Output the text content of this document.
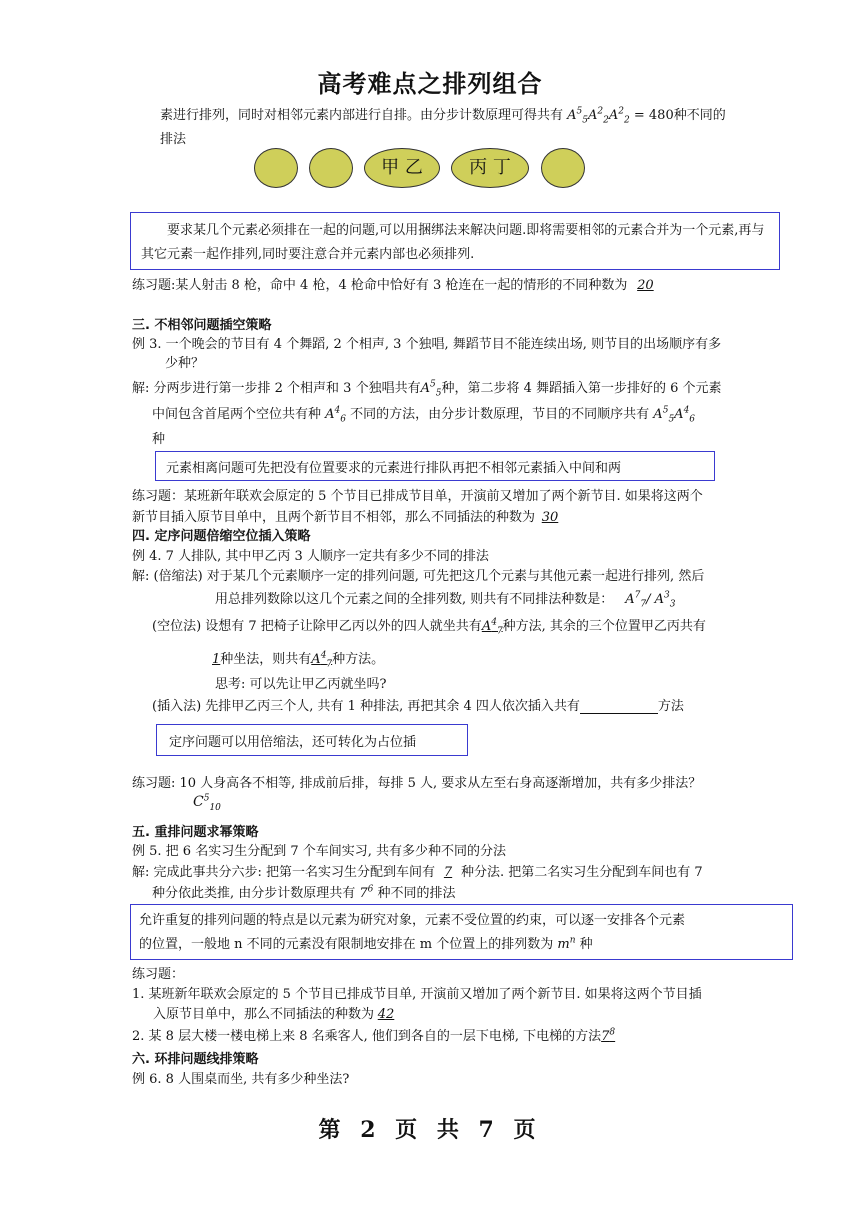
高考难点之排列组合
素进行排列，同时对相邻元素内部进行自排。由分步计数原理可得共有 $A^5_5A^2_2A^2_2 = 480$种不同的
排法
甲 乙	丙 丁
要求某几个元素必须排在一起的问题,可以用捆绑法来解决问题.即将需要相邻的元素合并为一个元素,再与其它元素一起作排列,同时要注意合并元素内部也必须排列.
练习题:某人射击 8 枪，命中 4 枪，4 枪命中恰好有 3 枪连在一起的情形的不同种数为 20
三. 不相邻问题插空策略
例 3. 一个晚会的节目有 4 个舞蹈, 2 个相声, 3 个独唱, 舞蹈节目不能连续出场, 则节目的出场顺序有多
少种？
解: 分两步进行第一步排 2 个相声和 3 个独唱共有$A^5_5$种，第二步将 4 舞蹈插入第一步排好的 6 个元素
中间包含首尾两个空位共有种 $A^4_6$ 不同的方法，由分步计数原理，节目的不同顺序共有 $A^5_5A^4_6$
种
元素相离问题可先把没有位置要求的元素进行排队再把不相邻元素插入中间和两
练习题：某班新年联欢会原定的 5 个节目已排成节目单，开演前又增加了两个新节目. 如果将这两个
新节目插入原节目单中，且两个新节目不相邻，那么不同插法的种数为 30
四. 定序问题倍缩空位插入策略
例 4. 7 人排队, 其中甲乙丙 3 人顺序一定共有多少不同的排法
解: (倍缩法) 对于某几个元素顺序一定的排列问题, 可先把这几个元素与其他元素一起进行排列, 然后
用总排列数除以这几个元素之间的全排列数, 则共有不同排法种数是： $A^7_7/$ $A^3_3$
(空位法) 设想有 7 把椅子让除甲乙丙以外的四人就坐共有$A^4_7$种方法, 其余的三个位置甲乙丙共有
1种坐法，则共有$A^4_7$种方法。
思考: 可以先让甲乙丙就坐吗?
(插入法) 先排甲乙丙三个人, 共有 1 种排法, 再把其余 4 四人依次插入共有	方法
定序问题可以用倍缩法，还可转化为占位插
练习题: 10 人身高各不相等, 排成前后排，每排 5 人, 要求从左至右身高逐渐增加，共有多少排法？
$C^5_{10}$
五. 重排问题求幂策略
例 5. 把 6 名实习生分配到 7 个车间实习, 共有多少种不同的分法
解: 完成此事共分六步: 把第一名实习生分配到车间有 7 种分法. 把第二名实习生分配到车间也有 7
种分依此类推, 由分步计数原理共有 $7^6$ 种不同的排法
允许重复的排列问题的特点是以元素为研究对象，元素不受位置的约束，可以逐一安排各个元素
的位置，一般地 n 不同的元素没有限制地安排在 m 个位置上的排列数为 $m^n$ 种
练习题：
1. 某班新年联欢会原定的 5 个节目已排成节目单, 开演前又增加了两个新节目. 如果将这两个节目插
入原节目单中，那么不同插法的种数为 42
2. 某 8 层大楼一楼电梯上来 8 名乘客人, 他们到各自的一层下电梯, 下电梯的方法$7^8$
六. 环排问题线排策略
例 6. 8 人围桌而坐, 共有多少种坐法?
第 2 页 共 7 页
